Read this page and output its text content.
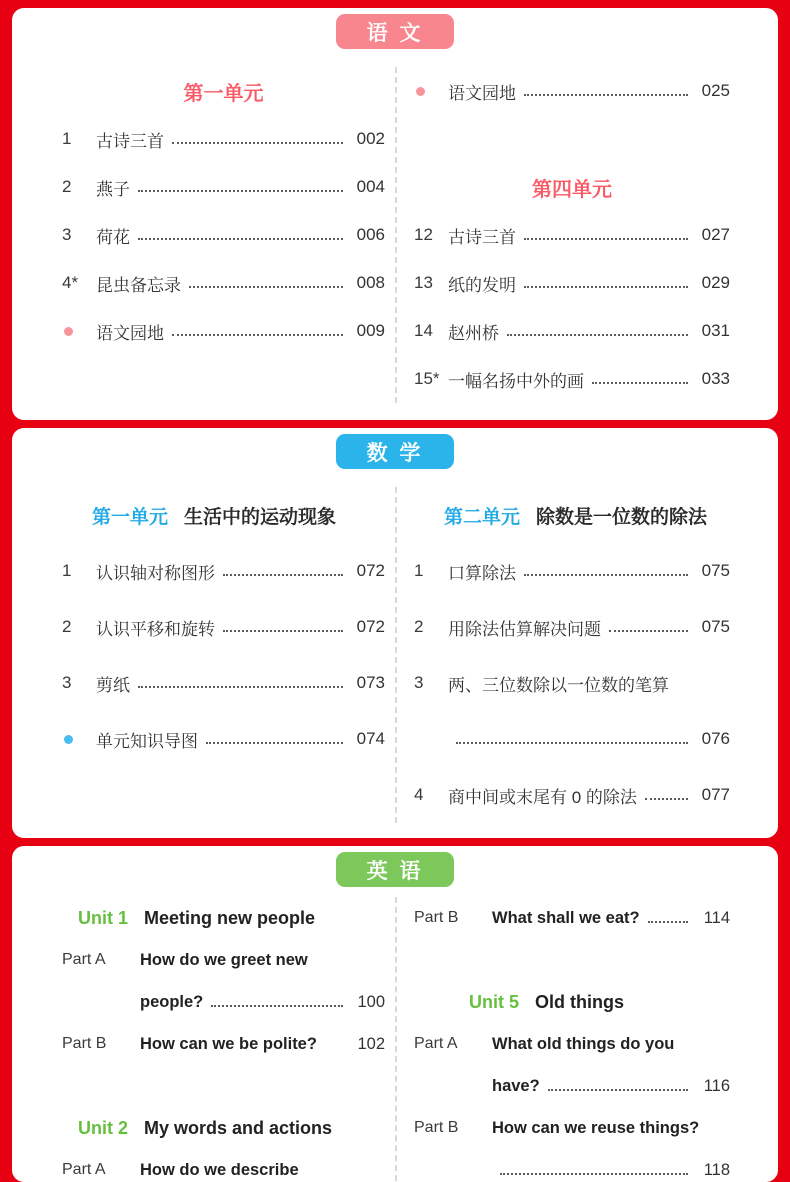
语 文
第一单元
1	古诗三首	002
2	燕子	004
3	荷花	006
4*	昆虫备忘录	008
语文园地	009
语文园地	025
第四单元
12 古诗三首	027
13 纸的发明	029
14 赵州桥	031
15* 一幅名扬中外的画	033
数 学
第一单元 生活中的运动现象
1	认识轴对称图形	072
2	认识平移和旋转	072
3	剪纸	073
单元知识导图	074
第二单元 除数是一位数的除法
1	口算除法	075
2	用除法估算解决问题	075
3	两、三位数除以一位数的笔算
076
4	商中间或末尾有 0 的除法	077
英 语
Unit 1 Meeting new people
Part A	How do we greet new
people?	100
Part B	How can we be polite?	102
Unit 2 My words and actions
Part A	How do we describe
Part B	What shall we eat?	114
Unit 5 Old things
Part A	What old things do you
have?	116
Part B	How can we reuse things?
118
